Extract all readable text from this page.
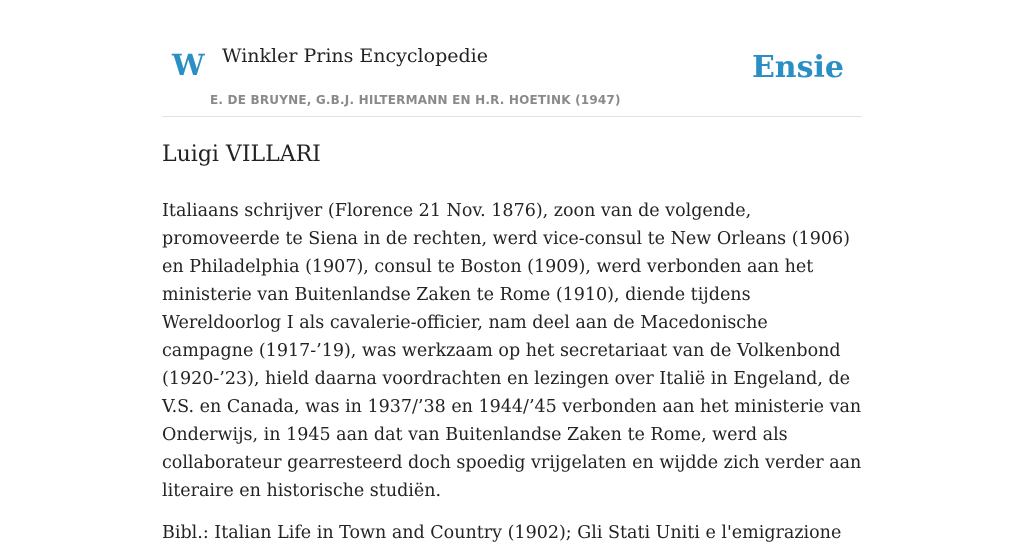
W Winkler Prins Encyclopedie
E. DE BRUYNE, G.B.J. HILTERMANN EN H.R. HOETINK (1947)
Ensie
Luigi VILLARI

Italiaans schrijver (Florence 21 Nov. 1876), zoon van de volgende, promoveerde te Siena in de rechten, werd vice-consul te New Orleans (1906) en Philadelphia (1907), consul te Boston (1909), werd verbonden aan het ministerie van Buitenlandse Zaken te Rome (1910), diende tijdens Wereldoorlog I als cavalerie-officier, nam deel aan de Macedonische campagne (1917-’19), was werkzaam op het secretariaat van de Volkenbond (1920-’23), hield daarna voordrachten en lezingen over Italië in Engeland, de V.S. en Canada, was in 1937/’38 en 1944/’45 verbonden aan het ministerie van Onderwijs, in 1945 aan dat van Buitenlandse Zaken te Rome, werd als collaborateur gearresteerd doch spoedig vrijgelaten en wijdde zich verder aan literaire en historische studiën.

Bibl.: Italian Life in Town and Country (1902); Gli Stati Uniti e l'emigrazione
